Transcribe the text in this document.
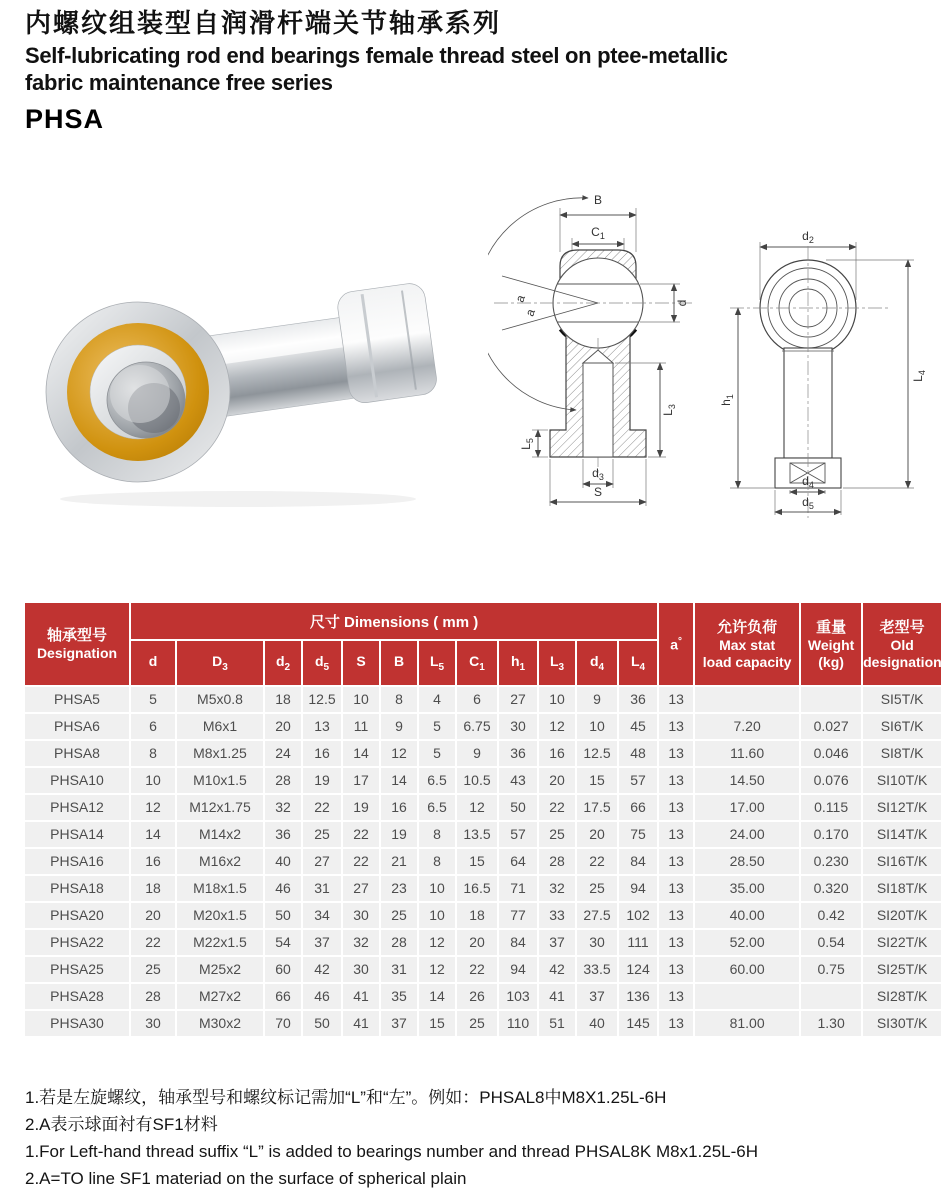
内螺纹组装型自润滑杆端关节轴承系列

Self-lubricating rod end bearings female thread steel on ptee-metallic
fabric maintenance free series

PHSA
B
$C_1$
a
a
d
$L_5$
$L_3$
$d_3$
S
$d_2$
$h_1$
$L_4$
$d_4$
$d_5$
轴承型号
Designation
	尺寸 Dimensions ( mm )	a°	
允许负荷
Max stat
load capacity

重量
Weight
(kg)

老型号
Old
designation

	d	$D_3$	$d_2$	$d_5$	S	B	$L_5$	$C_1$	$h_1$	$L_3$	$d_4$	$L_4$
PHSA5	5	M5x0.8	18	12.5	10	8	4	6	27	10	9	36	13			SI5T/K
PHSA6	6	M6x1	20	13	11	9	5	6.75	30	12	10	45	13	7.20	0.027	SI6T/K
PHSA8	8	M8x1.25	24	16	14	12	5	9	36	16	12.5	48	13	11.60	0.046	SI8T/K
PHSA10	10	M10x1.5	28	19	17	14	6.5	10.5	43	20	15	57	13	14.50	0.076	SI10T/K
PHSA12	12	M12x1.75	32	22	19	16	6.5	12	50	22	17.5	66	13	17.00	0.115	SI12T/K
PHSA14	14	M14x2	36	25	22	19	8	13.5	57	25	20	75	13	24.00	0.170	SI14T/K
PHSA16	16	M16x2	40	27	22	21	8	15	64	28	22	84	13	28.50	0.230	SI16T/K
PHSA18	18	M18x1.5	46	31	27	23	10	16.5	71	32	25	94	13	35.00	0.320	SI18T/K
PHSA20	20	M20x1.5	50	34	30	25	10	18	77	33	27.5	102	13	40.00	0.42	SI20T/K
PHSA22	22	M22x1.5	54	37	32	28	12	20	84	37	30	111	13	52.00	0.54	SI22T/K
PHSA25	25	M25x2	60	42	30	31	12	22	94	42	33.5	124	13	60.00	0.75	SI25T/K
PHSA28	28	M27x2	66	46	41	35	14	26	103	41	37	136	13			SI28T/K
PHSA30	30	M30x2	70	50	41	37	15	25	110	51	40	145	13	81.00	1.30	SI30T/K

1.若是左旋螺纹，轴承型号和螺纹标记需加“L”和“左”。例如：PHSAL8中M8X1.25L-6H

2.A表示球面衬有SF1材料

1.For Left-hand thread suffix “L” is added to bearings number and thread PHSAL8K M8x1.25L-6H

2.A=TO line SF1 materiad on the surface of spherical plain
